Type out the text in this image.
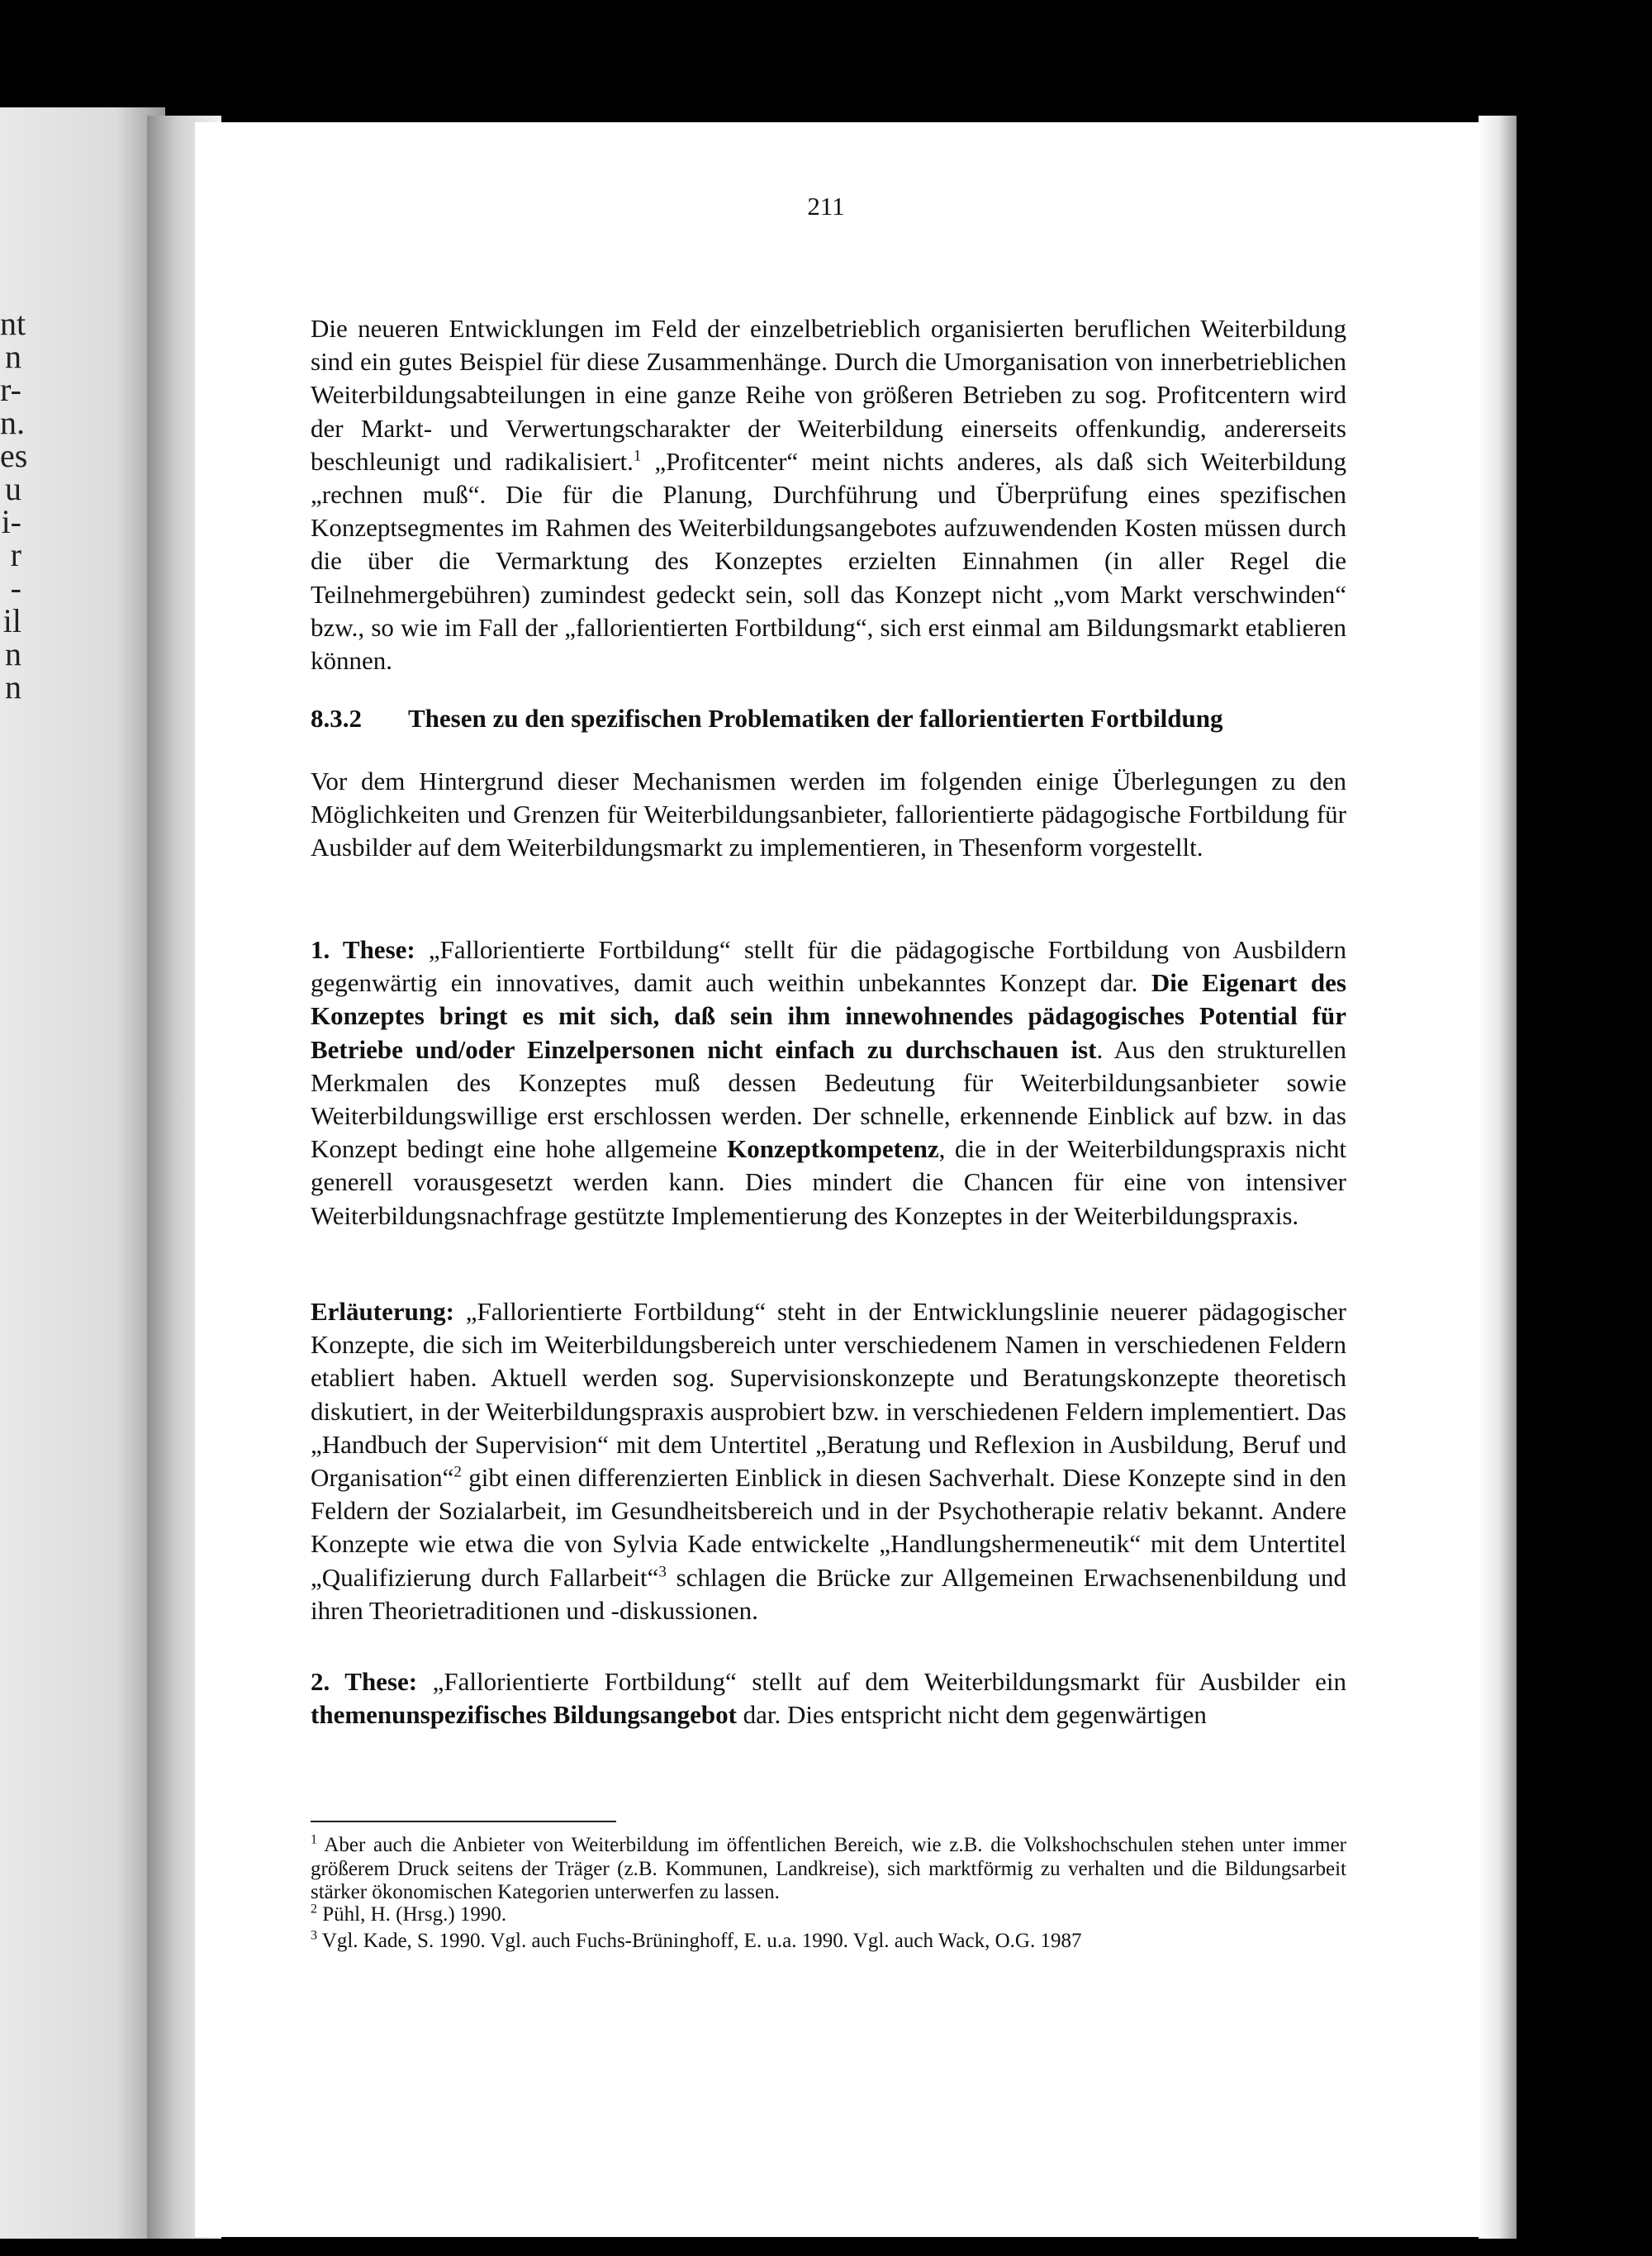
nt
n
r-
n.
es
u
i-
r
-
il
n
n
211

Die neueren Entwicklungen im Feld der einzelbetrieblich organisierten beruflichen Weiterbildung sind ein gutes Beispiel für diese Zusammenhänge. Durch die Umorganisation von innerbetrieblichen Weiterbildungsabteilungen in eine ganze Reihe von größeren Betrieben zu sog. Profitcentern wird der Markt- und Verwertungscharakter der Weiterbildung einerseits offenkundig, andererseits beschleunigt und radikalisiert.$^1$ „Profitcenter“ meint nichts anderes, als daß sich Weiterbildung „rechnen muß“. Die für die Planung, Durchführung und Überprüfung eines spezifischen Konzeptsegmentes im Rahmen des Weiterbildungsangebotes aufzuwendenden Kosten müssen durch die über die Vermarktung des Konzeptes erzielten Einnahmen (in aller Regel die Teilnehmergebühren) zumindest gedeckt sein, soll das Konzept nicht „vom Markt verschwinden“ bzw., so wie im Fall der „fallorientierten Fortbildung“, sich erst einmal am Bildungsmarkt etablieren können.

8.3.2 Thesen zu den spezifischen Problematiken der fallorientierten Fortbildung

Vor dem Hintergrund dieser Mechanismen werden im folgenden einige Überlegungen zu den Möglichkeiten und Grenzen für Weiterbildungsanbieter, fallorientierte pädagogische Fortbildung für Ausbilder auf dem Weiterbildungsmarkt zu implementieren, in Thesenform vorgestellt.

1. These: „Fallorientierte Fortbildung“ stellt für die pädagogische Fortbildung von Ausbildern gegenwärtig ein innovatives, damit auch weithin unbekanntes Konzept dar. Die Eigenart des Konzeptes bringt es mit sich, daß sein ihm innewohnendes pädagogisches Potential für Betriebe und/oder Einzelpersonen nicht einfach zu durchschauen ist. Aus den strukturellen Merkmalen des Konzeptes muß dessen Bedeutung für Weiterbildungsanbieter sowie Weiterbildungswillige erst erschlossen werden. Der schnelle, erkennende Einblick auf bzw. in das Konzept bedingt eine hohe allgemeine Konzeptkompetenz, die in der Weiterbildungspraxis nicht generell vorausgesetzt werden kann. Dies mindert die Chancen für eine von intensiver Weiterbildungsnachfrage gestützte Implementierung des Konzeptes in der Weiterbildungspraxis.

Erläuterung: „Fallorientierte Fortbildung“ steht in der Entwicklungslinie neuerer pädagogischer Konzepte, die sich im Weiterbildungsbereich unter verschiedenem Namen in verschiedenen Feldern etabliert haben. Aktuell werden sog. Supervisionskonzepte und Beratungskonzepte theoretisch diskutiert, in der Weiterbildungspraxis ausprobiert bzw. in verschiedenen Feldern implementiert. Das „Handbuch der Supervision“ mit dem Untertitel „Beratung und Reflexion in Ausbildung, Beruf und Organisation“$^2$ gibt einen differenzierten Einblick in diesen Sachverhalt. Diese Konzepte sind in den Feldern der Sozialarbeit, im Gesundheitsbereich und in der Psychotherapie relativ bekannt. Andere Konzepte wie etwa die von Sylvia Kade entwickelte „Handlungshermeneutik“ mit dem Untertitel „Qualifizierung durch Fallarbeit“$^3$ schlagen die Brücke zur Allgemeinen Erwachsenenbildung und ihren Theorietraditionen und -diskussionen.

2. These: „Fallorientierte Fortbildung“ stellt auf dem Weiterbildungsmarkt für Ausbilder ein themenunspezifisches Bildungsangebot dar. Dies entspricht nicht dem gegenwärtigen

$^1$ Aber auch die Anbieter von Weiterbildung im öffentlichen Bereich, wie z.B. die Volkshochschulen stehen unter immer größerem Druck seitens der Träger (z.B. Kommunen, Landkreise), sich marktförmig zu verhalten und die Bildungsarbeit stärker ökonomischen Kategorien unterwerfen zu lassen.

$^2$ Pühl, H. (Hrsg.) 1990.

$^3$ Vgl. Kade, S. 1990. Vgl. auch Fuchs-Brüninghoff, E. u.a. 1990. Vgl. auch Wack, O.G. 1987
